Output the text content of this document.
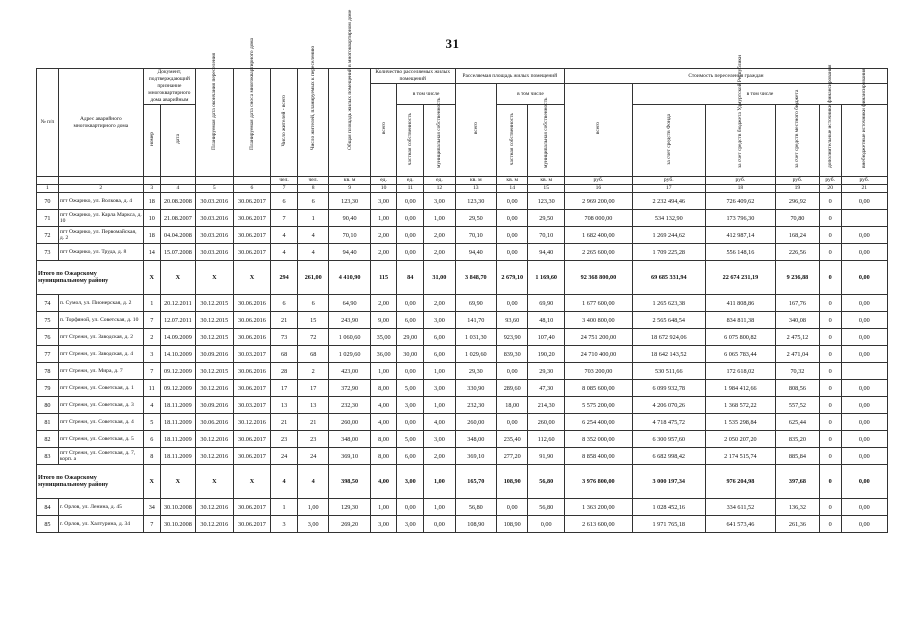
31
№ п/п	Адрес аварийного многоквартирного дома	Документ, подтверждающий признание многоквартирного дома аварийным		Планируемая дата окончания переселения	Планируемая дата сноса многоквартирного дома	Число жителей - всего	Число жителей, планируемых к переселению	Общая площадь жилых помещений в многоквартирном доме	Количество расселяемых жилых помещений			Расселяемая площадь жилых помещений			Стоимость переселения граждан					
									всего	в том числе		всего	в том числе		всего	в том числе				
		номер	дата							частная собственность	муниципальная собственность		частная собственность	муниципальная собственность		за счет средств Фонда	за счет средств бюджета Удмуртской Республики	за счет средств местного бюджета	дополнительные источники финансирования	внебюджетные источники финансирования
						чел.	чел.	кв. м	ед.	ед.	ед.	кв. м	кв. м	кв. м	руб.	руб.	руб.	руб.	руб.	руб.
1	2	3	4	5	6	7	8	9	10	11	12	13	14	15	16	17	18	19	20	21
70	пгт Ожарнко, ул. Волкова, д. 4	18	20.08.2008	30.03.2016	30.06.2017	6	6	123,30	3,00	0,00	3,00	123,30	0,00	123,30	2 969 200,00	2 232 494,46	726 409,62	296,92	0	0,00
71	пгт Ожарнко, ул. Карла Маркса, д. 10	10	21.08.2007	30.03.2016	30.06.2017	7	1	90,40	1,00	0,00	1,00	29,50	0,00	29,50	708 000,00	534 132,90	173 796,30	70,80	0	
72	пгт Ожарнко, ул. Первомайская, д. 2	18	04.04.2008	30.03.2016	30.06.2017	4	4	70,10	2,00	0,00	2,00	70,10	0,00	70,10	1 682 400,00	1 269 244,62	412 987,14	168,24	0	0,00
73	пгт Ожарнко, ул. Труда, д. 8	14	15.07.2008	30.03.2016	30.06.2017	4	4	94,40	2,00	0,00	2,00	94,40	0,00	94,40	2 265 600,00	1 709 225,28	556 148,16	226,56	0	0,00
Итого по Ожарскому муниципальному району		X	X	X	X	294	261,00	4 410,90	115	84	31,00	3 848,70	2 679,10	1 169,60	92 368 800,00	69 685 331,94	22 674 231,19	9 236,88	0	0,00
74	п. Сумол, ул. Пионерская, д. 2	1	20.12.2011	30.12.2015	30.06.2016	6	6	64,90	2,00	0,00	2,00	69,90	0,00	69,90	1 677 600,00	1 265 623,38	411 808,86	167,76	0	0,00
75	п. Торфяной, ул. Советская, д. 10	7	12.07.2011	30.12.2015	30.06.2016	21	15	243,90	9,00	6,00	3,00	141,70	93,60	48,10	3 400 800,00	2 565 648,54	834 811,38	340,08	0	0,00
76	пгт Стрежн, ул. Заводская, д. 2	2	14.09.2009	30.12.2015	30.06.2016	73	72	1 060,60	35,00	29,00	6,00	1 031,30	923,90	107,40	24 751 200,00	18 672 924,06	6 075 800,82	2 475,12	0	0,00
77	пгт Стрежн, ул. Заводская, д. 4	3	14.10.2009	30.09.2016	30.03.2017	68	68	1 029,60	36,00	30,00	6,00	1 029,60	839,30	190,20	24 710 400,00	18 642 143,52	6 065 783,44	2 471,04	0	0,00
78	пгт Стрежн, ул. Мира, д. 7	7	09.12.2009	30.12.2015	30.06.2016	28	2	423,00	1,00	0,00	1,00	29,30	0,00	29,30	703 200,00	530 511,66	172 618,02	70,32	0	
79	пгт Стрежн, ул. Советская, д. 1	11	09.12.2009	30.12.2016	30.06.2017	17	17	372,90	8,00	5,00	3,00	330,90	289,60	47,30	8 085 600,00	6 099 932,78	1 984 412,66	808,56	0	0,00
80	пгт Стрежн, ул. Советская, д. 3	4	18.11.2009	30.09.2016	30.03.2017	13	13	232,30	4,00	3,00	1,00	232,30	18,00	214,30	5 575 200,00	4 206 070,26	1 368 572,22	557,52	0	0,00
81	пгт Стрежн, ул. Советская, д. 4	5	18.11.2009	30.06.2016	30.12.2016	21	21	260,00	4,00	0,00	4,00	260,00	0,00	260,00	6 254 400,00	4 718 475,72	1 535 298,84	625,44	0	0,00
82	пгт Стрежн, ул. Советская, д. 5	6	18.11.2009	30.12.2016	30.06.2017	23	23	348,00	8,00	5,00	3,00	348,00	235,40	112,60	8 352 000,00	6 300 957,60	2 050 207,20	835,20	0	0,00
83	пгт Стрежн, ул. Советская, д. 7, корп. а	8	18.11.2009	30.12.2016	30.06.2017	24	24	369,10	8,00	6,00	2,00	369,10	277,20	91,90	8 858 400,00	6 682 998,42	2 174 515,74	885,84	0	0,00
Итого по Ожарскому муниципальному району		X	X	X	X	4	4	398,50	4,00	3,00	1,00	165,70	108,90	56,80	3 976 800,00	3 000 197,34	976 204,98	397,68	0	0,00
84	г. Орлов, ул. Ленина, д. 45	34	30.10.2008	30.12.2016	30.06.2017	1	1,00	129,30	1,00	0,00	1,00	56,80	0,00	56,80	1 363 200,00	1 028 452,16	334 611,52	136,32	0	0,00
85	г. Орлов, ул. Халтурина, д. 34	7	30.10.2008	30.12.2016	30.06.2017	3	3,00	269,20	3,00	3,00	0,00	108,90	108,90	0,00	2 613 600,00	1 971 765,18	641 573,46	261,36	0	0,00
